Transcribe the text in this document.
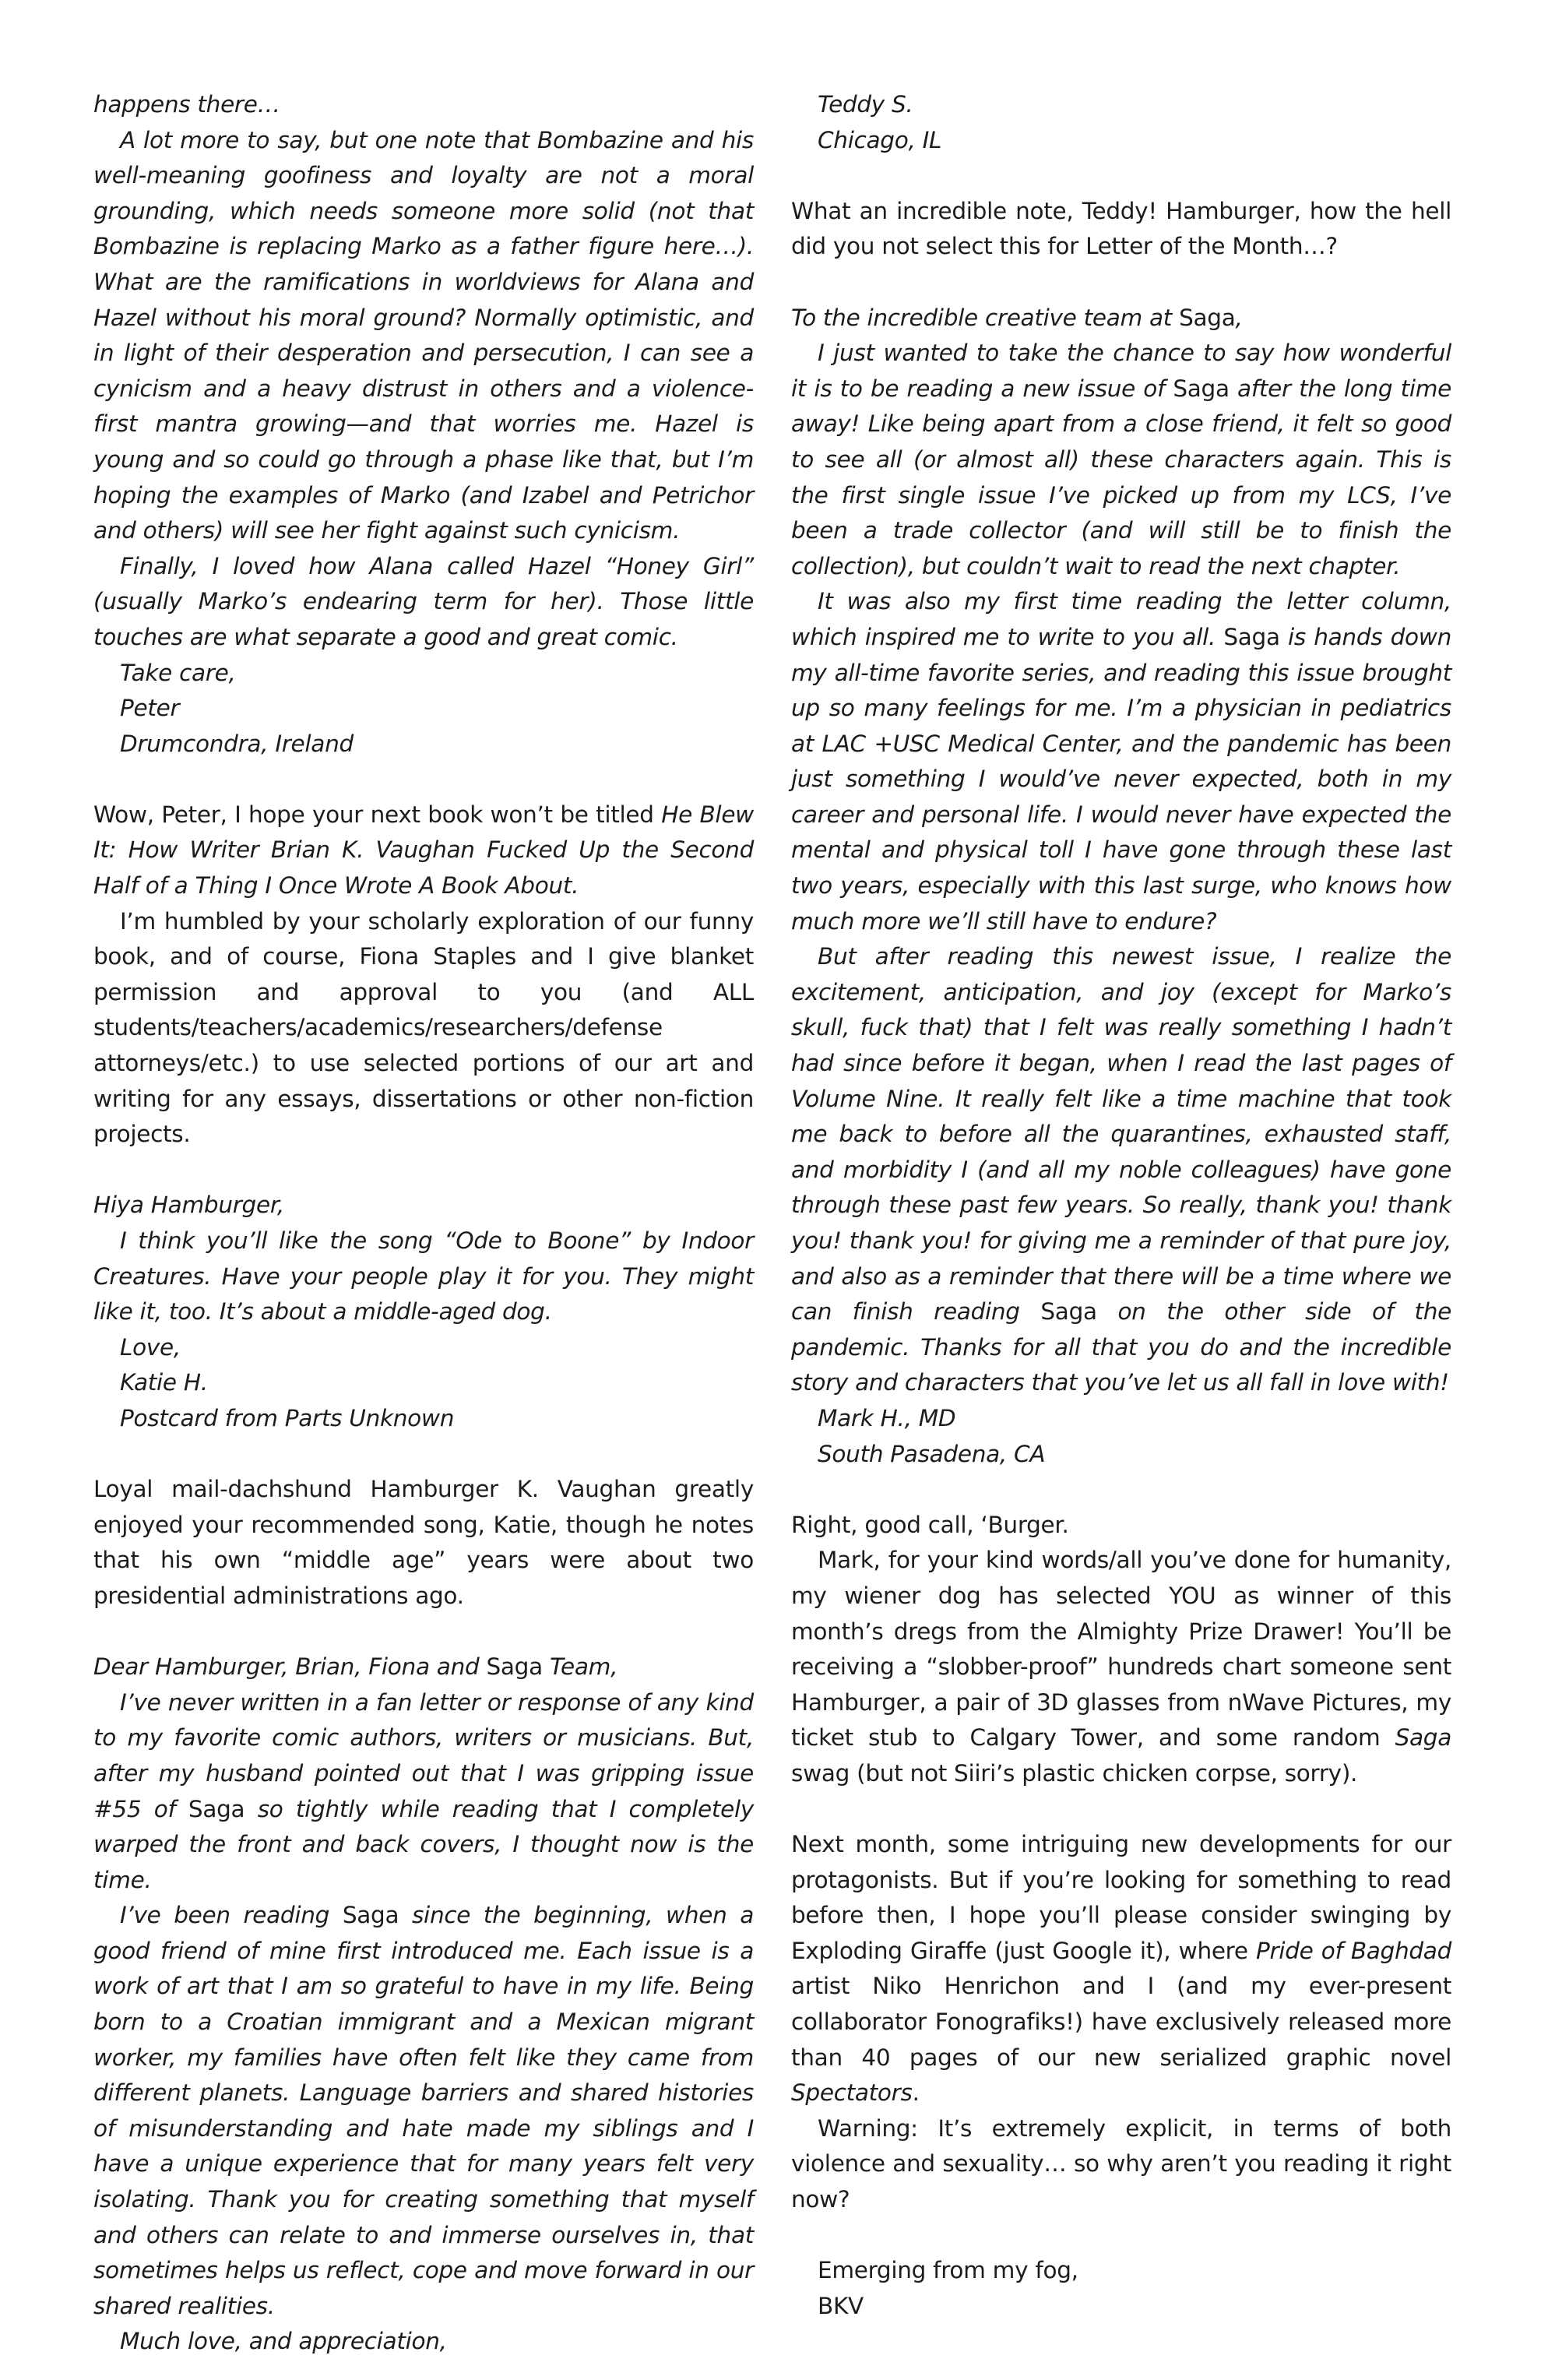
happens there…

A lot more to say, but one note that Bombazine and his well-meaning goofiness and loyalty are not a moral grounding, which needs someone more solid (not that Bombazine is replacing Marko as a father figure here…). What are the ramifications in worldviews for Alana and Hazel without his moral ground? Normally optimistic, and in light of their desperation and persecution, I can see a cynicism and a heavy distrust in others and a violence-first mantra growing—and that worries me. Hazel is young and so could go through a phase like that, but I’m hoping the examples of Marko (and Izabel and Petrichor and others) will see her fight against such cynicism.

Finally, I loved how Alana called Hazel “Honey Girl” (usually Marko’s endearing term for her). Those little touches are what separate a good and great comic.

Take care,

Peter

Drumcondra, Ireland

Wow, Peter, I hope your next book won’t be titled He Blew It: How Writer Brian K. Vaughan Fucked Up the Second Half of a Thing I Once Wrote A Book About.

I’m humbled by your scholarly exploration of our funny book, and of course, Fiona Staples and I give blanket permission and approval to you (and ALL students/teachers/academics/researchers/defense attorneys/etc.) to use selected portions of our art and writing for any essays, dissertations or other non-fiction projects.

Hiya Hamburger,

I think you’ll like the song “Ode to Boone” by Indoor Creatures. Have your people play it for you. They might like it, too. It’s about a middle-aged dog.

Love,

Katie H.

Postcard from Parts Unknown

Loyal mail-dachshund Hamburger K. Vaughan greatly enjoyed your recommended song, Katie, though he notes that his own “middle age” years were about two presidential administrations ago.

Dear Hamburger, Brian, Fiona and Saga Team,

I’ve never written in a fan letter or response of any kind to my favorite comic authors, writers or musicians. But, after my husband pointed out that I was gripping issue #55 of Saga so tightly while reading that I completely warped the front and back covers, I thought now is the time.

I’ve been reading Saga since the beginning, when a good friend of mine first introduced me. Each issue is a work of art that I am so grateful to have in my life. Being born to a Croatian immigrant and a Mexican migrant worker, my families have often felt like they came from different planets. Language barriers and shared histories of misunderstanding and hate made my siblings and I have a unique experience that for many years felt very isolating. Thank you for creating something that myself and others can relate to and immerse ourselves in, that sometimes helps us reflect, cope and move forward in our shared realities.

Much love, and appreciation,

Teddy S.

Chicago, IL

What an incredible note, Teddy! Hamburger, how the hell did you not select this for Letter of the Month…?

To the incredible creative team at Saga,

I just wanted to take the chance to say how wonderful it is to be reading a new issue of Saga after the long time away! Like being apart from a close friend, it felt so good to see all (or almost all) these characters again. This is the first single issue I’ve picked up from my LCS, I’ve been a trade collector (and will still be to finish the collection), but couldn’t wait to read the next chapter.

It was also my first time reading the letter column, which inspired me to write to you all. Saga is hands down my all-time favorite series, and reading this issue brought up so many feelings for me. I’m a physician in pediatrics at LAC +USC Medical Center, and the pandemic has been just something I would’ve never expected, both in my career and personal life. I would never have expected the mental and physical toll I have gone through these last two years, especially with this last surge, who knows how much more we’ll still have to endure?

But after reading this newest issue, I realize the excitement, anticipation, and joy (except for Marko’s skull, fuck that) that I felt was really something I hadn’t had since before it began, when I read the last pages of Volume Nine. It really felt like a time machine that took me back to before all the quarantines, exhausted staff, and morbidity I (and all my noble colleagues) have gone through these past few years. So really, thank you! thank you! thank you! for giving me a reminder of that pure joy, and also as a reminder that there will be a time where we can finish reading Saga on the other side of the pandemic. Thanks for all that you do and the incredible story and characters that you’ve let us all fall in love with!

Mark H., MD

South Pasadena, CA

Right, good call, ‘Burger.

Mark, for your kind words/all you’ve done for humanity, my wiener dog has selected YOU as winner of this month’s dregs from the Almighty Prize Drawer! You’ll be receiving a “slobber-proof” hundreds chart someone sent Hamburger, a pair of 3D glasses from nWave Pictures, my ticket stub to Calgary Tower, and some random Saga swag (but not Siiri’s plastic chicken corpse, sorry).

Next month, some intriguing new developments for our protagonists. But if you’re looking for something to read before then, I hope you’ll please consider swinging by Exploding Giraffe (just Google it), where Pride of Baghdad artist Niko Henrichon and I (and my ever-present collaborator Fonografiks!) have exclusively released more than 40 pages of our new serialized graphic novel Spectators.

Warning: It’s extremely explicit, in terms of both violence and sexuality… so why aren’t you reading it right now?

Emerging from my fog,

BKV
